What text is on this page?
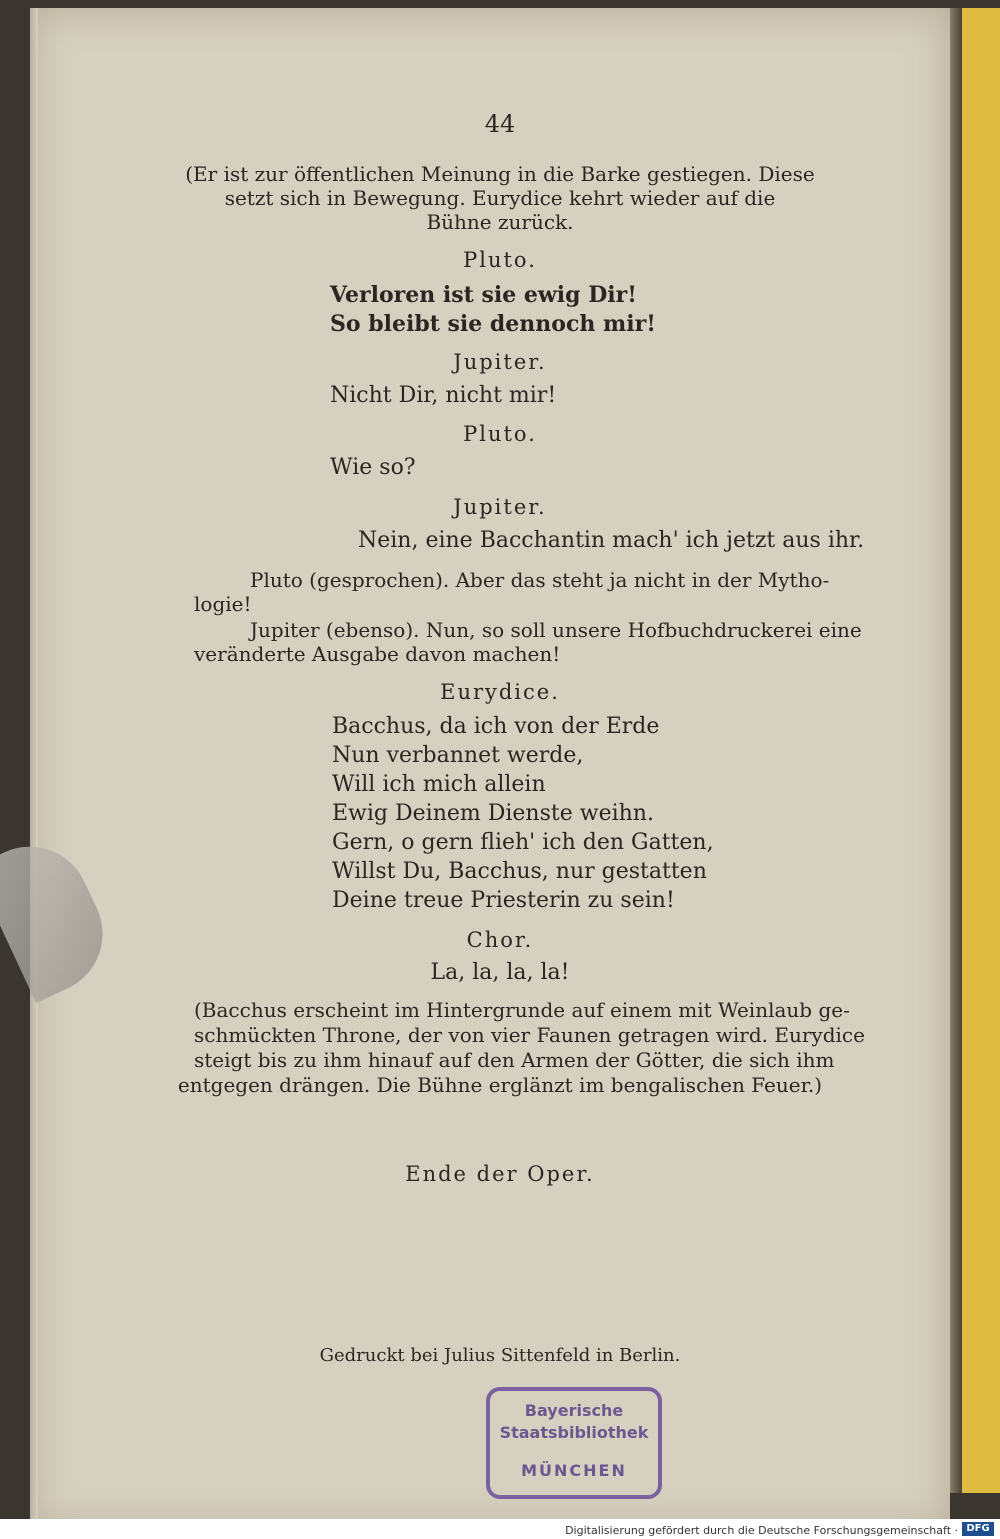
44
(Er ist zur öffentlichen Meinung in die Barke gestiegen. Diese
setzt sich in Bewegung. Eurydice kehrt wieder auf die
Bühne zurück.
Pluto.
Verloren ist sie ewig Dir!
So bleibt sie dennoch mir!
Jupiter.
Nicht Dir, nicht mir!
Pluto.
Wie so?
Jupiter.
Nein, eine Bacchantin mach' ich jetzt aus ihr.
Pluto (gesprochen). Aber das steht ja nicht in der Mytho-
logie!
Jupiter (ebenso). Nun, so soll unsere Hofbuchdruckerei eine
veränderte Ausgabe davon machen!
Eurydice.
Bacchus, da ich von der Erde
Nun verbannet werde,
Will ich mich allein
Ewig Deinem Dienste weihn.
Gern, o gern flieh' ich den Gatten,
Willst Du, Bacchus, nur gestatten
Deine treue Priesterin zu sein!
Chor.
La, la, la, la!
(Bacchus erscheint im Hintergrunde auf einem mit Weinlaub ge-
schmückten Throne, der von vier Faunen getragen wird. Eurydice
steigt bis zu ihm hinauf auf den Armen der Götter, die sich ihm
entgegen drängen. Die Bühne erglänzt im bengalischen Feuer.)
Ende der Oper.
Gedruckt bei Julius Sittenfeld in Berlin.
Bayerische
Staatsbibliothek
MÜNCHEN
Digitalisierung gefördert durch die Deutsche Forschungsgemeinschaft · DFG
